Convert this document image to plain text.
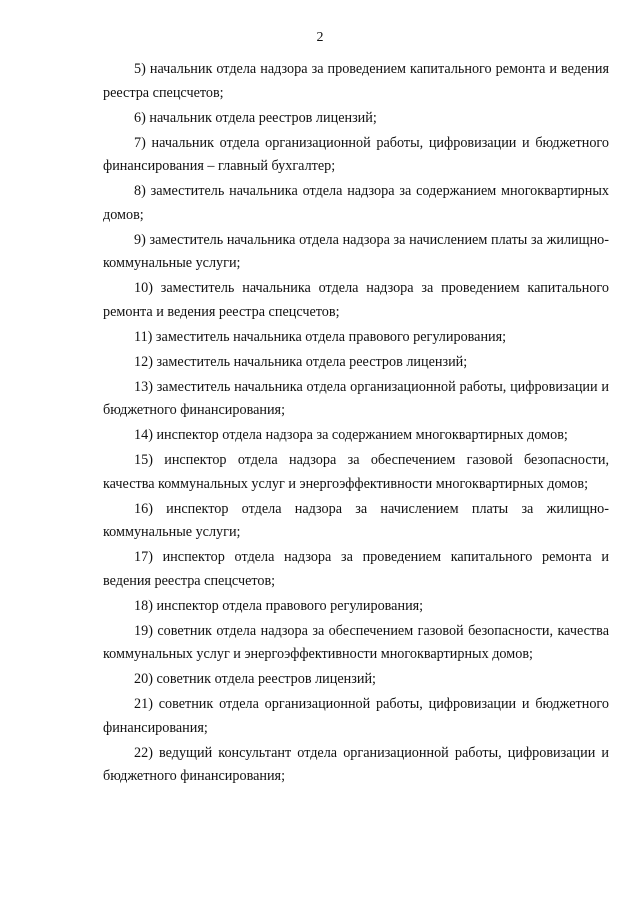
2

5) начальник отдела надзора за проведением капитального ремонта и ведения реестра спецсчетов;

6) начальник отдела реестров лицензий;

7) начальник отдела организационной работы, цифровизации и бюджетного финансирования – главный бухгалтер;

8) заместитель начальника отдела надзора за содержанием многоквартирных домов;

9) заместитель начальника отдела надзора за начислением платы за жилищно-коммунальные услуги;

10) заместитель начальника отдела надзора за проведением капитального ремонта и ведения реестра спецсчетов;

11) заместитель начальника отдела правового регулирования;

12) заместитель начальника отдела реестров лицензий;

13) заместитель начальника отдела организационной работы, цифровизации и бюджетного финансирования;

14) инспектор отдела надзора за содержанием многоквартирных домов;

15) инспектор отдела надзора за обеспечением газовой безопасности, качества коммунальных услуг и энергоэффективности многоквартирных домов;

16) инспектор отдела надзора за начислением платы за жилищно-коммунальные услуги;

17) инспектор отдела надзора за проведением капитального ремонта и ведения реестра спецсчетов;

18) инспектор отдела правового регулирования;

19) советник отдела надзора за обеспечением газовой безопасности, качества коммунальных услуг и энергоэффективности многоквартирных домов;

20) советник отдела реестров лицензий;

21) советник отдела организационной работы, цифровизации и бюджетного финансирования;

22) ведущий консультант отдела организационной работы, цифровизации и бюджетного финансирования;
